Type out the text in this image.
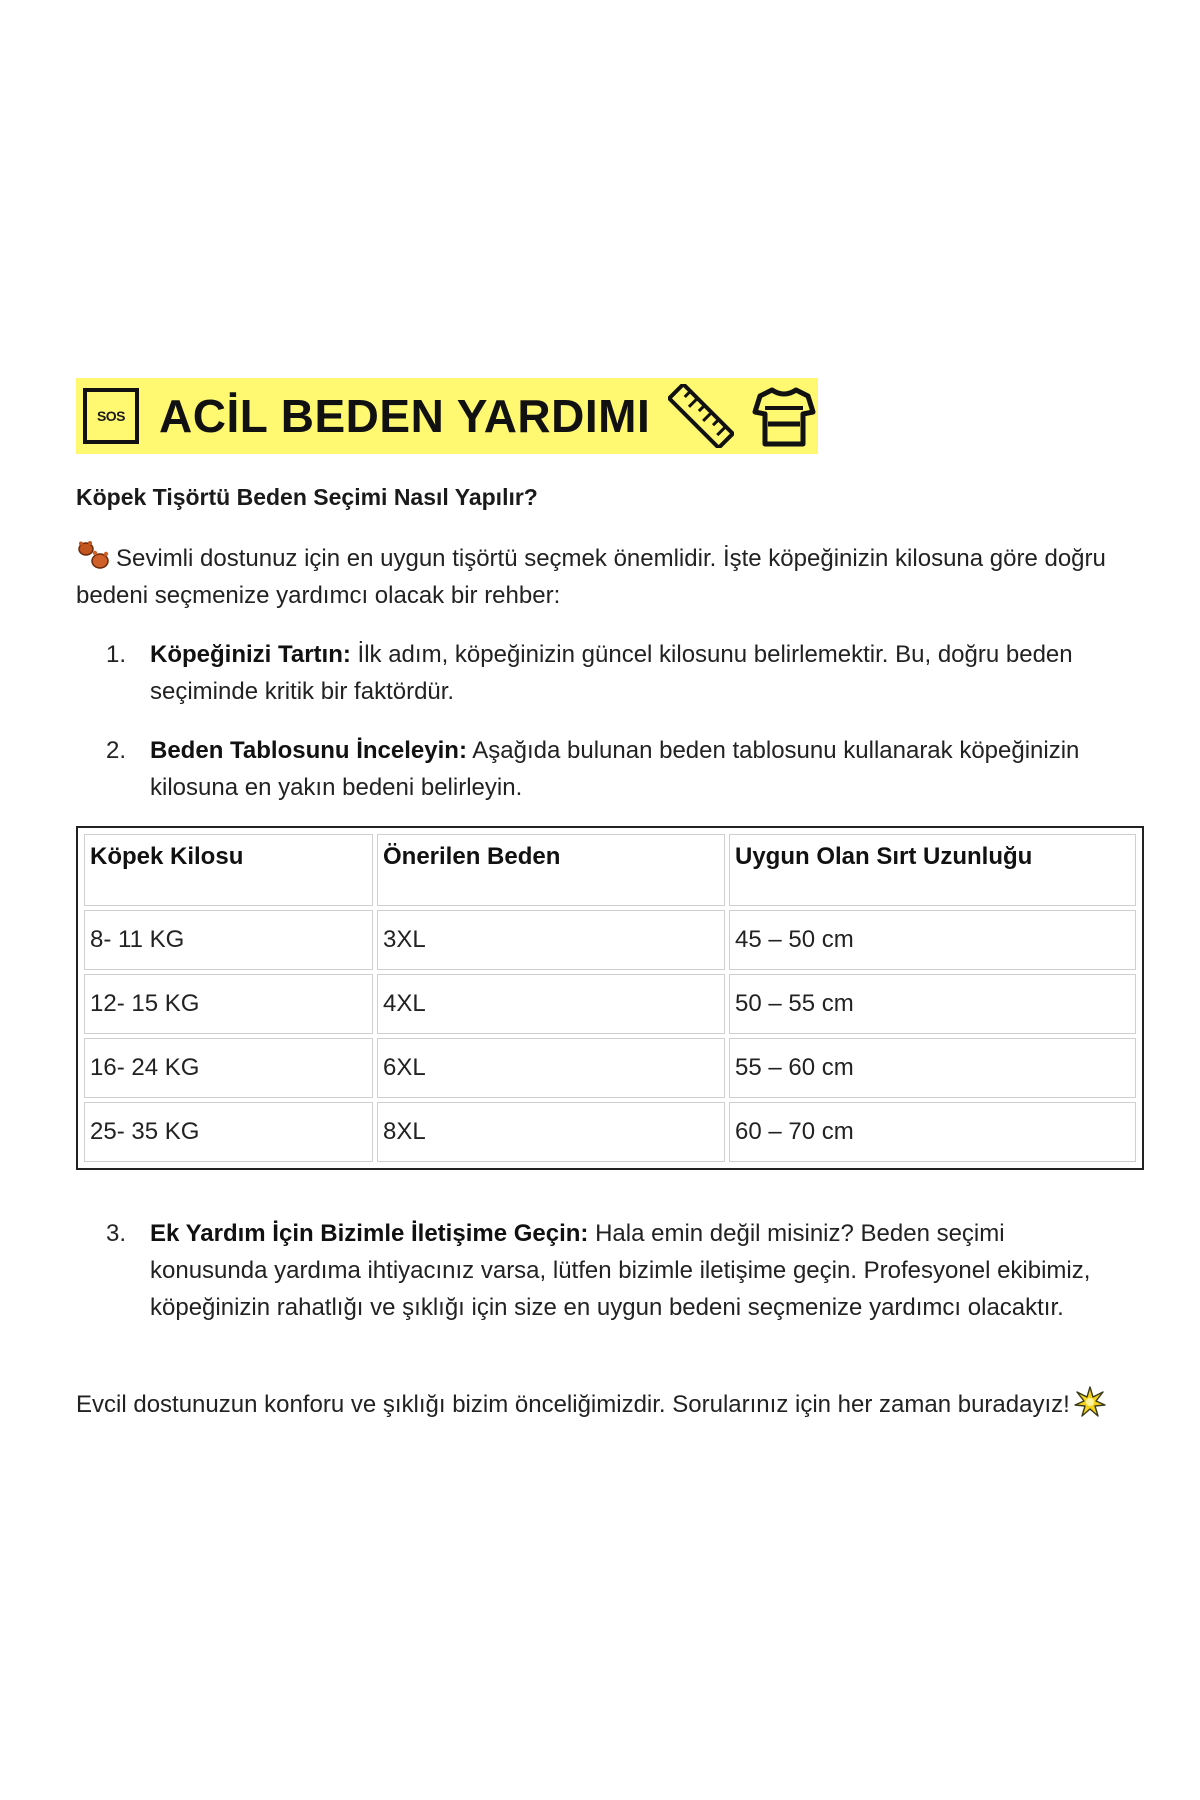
SOS ACİL BEDEN YARDIMI
Köpek Tişörtü Beden Seçimi Nasıl Yapılır?
Sevimli dostunuz için en uygun tişörtü seçmek önemlidir. İşte köpeğinizin kilosuna göre doğru bedeni seçmenize yardımcı olacak bir rehber:
1. Köpeğinizi Tartın: İlk adım, köpeğinizin güncel kilosunu belirlemektir. Bu, doğru beden seçiminde kritik bir faktördür.
2. Beden Tablosunu İnceleyin: Aşağıda bulunan beden tablosunu kullanarak köpeğinizin kilosuna en yakın bedeni belirleyin.
Köpek Kilosu	Önerilen Beden	Uygun Olan Sırt Uzunluğu
8- 11 KG	3XL	45 – 50 cm
12- 15 KG	4XL	50 – 55 cm
16- 24 KG	6XL	55 – 60 cm
25- 35 KG	8XL	60 – 70 cm
3. Ek Yardım İçin Bizimle İletişime Geçin: Hala emin değil misiniz? Beden seçimi konusunda yardıma ihtiyacınız varsa, lütfen bizimle iletişime geçin. Profesyonel ekibimiz, köpeğinizin rahatlığı ve şıklığı için size en uygun bedeni seçmenize yardımcı olacaktır.
Evcil dostunuzun konforu ve şıklığı bizim önceliğimizdir. Sorularınız için her zaman buradayız!
